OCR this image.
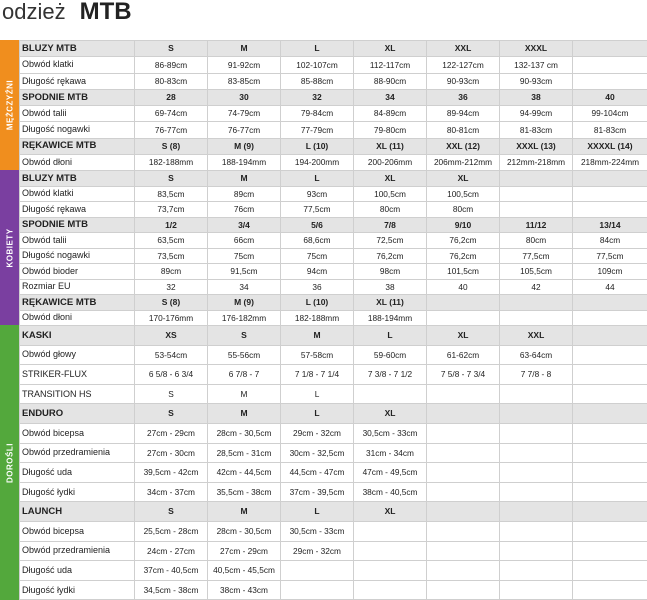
odzież MTB
MĘŻCZYŹNI
BLUZY MTB	S	M	L	XL	XXL	XXXL	
Obwód klatki	86-89cm	91-92cm	102-107cm	112-117cm	122-127cm	132-137 cm	
Długość rękawa	80-83cm	83-85cm	85-88cm	88-90cm	90-93cm	90-93cm	
SPODNIE MTB	28	30	32	34	36	38	40
Obwód talii	69-74cm	74-79cm	79-84cm	84-89cm	89-94cm	94-99cm	99-104cm
Długość nogawki	76-77cm	76-77cm	77-79cm	79-80cm	80-81cm	81-83cm	81-83cm
RĘKAWICE MTB	S (8)	M (9)	L (10)	XL (11)	XXL (12)	XXXL (13)	XXXXL (14)
Obwód dłoni	182-188mm	188-194mm	194-200mm	200-206mm	206mm-212mm	212mm-218mm	218mm-224mm
KOBIETY
BLUZY MTB	S	M	L	XL	XL		
Obwód klatki	83,5cm	89cm	93cm	100,5cm	100,5cm		
Długość rękawa	73,7cm	76cm	77,5cm	80cm	80cm		
SPODNIE MTB	1/2	3/4	5/6	7/8	9/10	11/12	13/14
Obwód talii	63,5cm	66cm	68,6cm	72,5cm	76,2cm	80cm	84cm
Długość nogawki	73,5cm	75cm	75cm	76,2cm	76,2cm	77,5cm	77,5cm
Obwód bioder	89cm	91,5cm	94cm	98cm	101,5cm	105,5cm	109cm
Rozmiar EU	32	34	36	38	40	42	44
RĘKAWICE MTB	S (8)	M (9)	L (10)	XL (11)			
Obwód dłoni	170-176mm	176-182mm	182-188mm	188-194mm			
DOROŚLI
KASKI	XS	S	M	L	XL	XXL	
Obwód głowy	53-54cm	55-56cm	57-58cm	59-60cm	61-62cm	63-64cm	
STRIKER-FLUX	6 5/8 - 6 3/4	6 7/8 - 7	7 1/8 - 7 1/4	7 3/8 - 7 1/2	7 5/8 - 7 3/4	7 7/8 - 8	
TRANSITION HS	S	M	L				
ENDURO	S	M	L	XL			
Obwód bicepsa	27cm - 29cm	28cm - 30,5cm	29cm - 32cm	30,5cm - 33cm			
Obwód przedramienia	27cm - 30cm	28,5cm - 31cm	30cm - 32,5cm	31cm - 34cm			
Długość uda	39,5cm - 42cm	42cm - 44,5cm	44,5cm - 47cm	47cm - 49,5cm			
Długość łydki	34cm - 37cm	35,5cm - 38cm	37cm - 39,5cm	38cm - 40,5cm			
LAUNCH	S	M	L	XL			
Obwód bicepsa	25,5cm - 28cm	28cm - 30,5cm	30,5cm - 33cm				
Obwód przedramienia	24cm - 27cm	27cm - 29cm	29cm - 32cm				
Długość uda	37cm - 40,5cm	40,5cm - 45,5cm					
Długość łydki	34,5cm - 38cm	38cm - 43cm					
